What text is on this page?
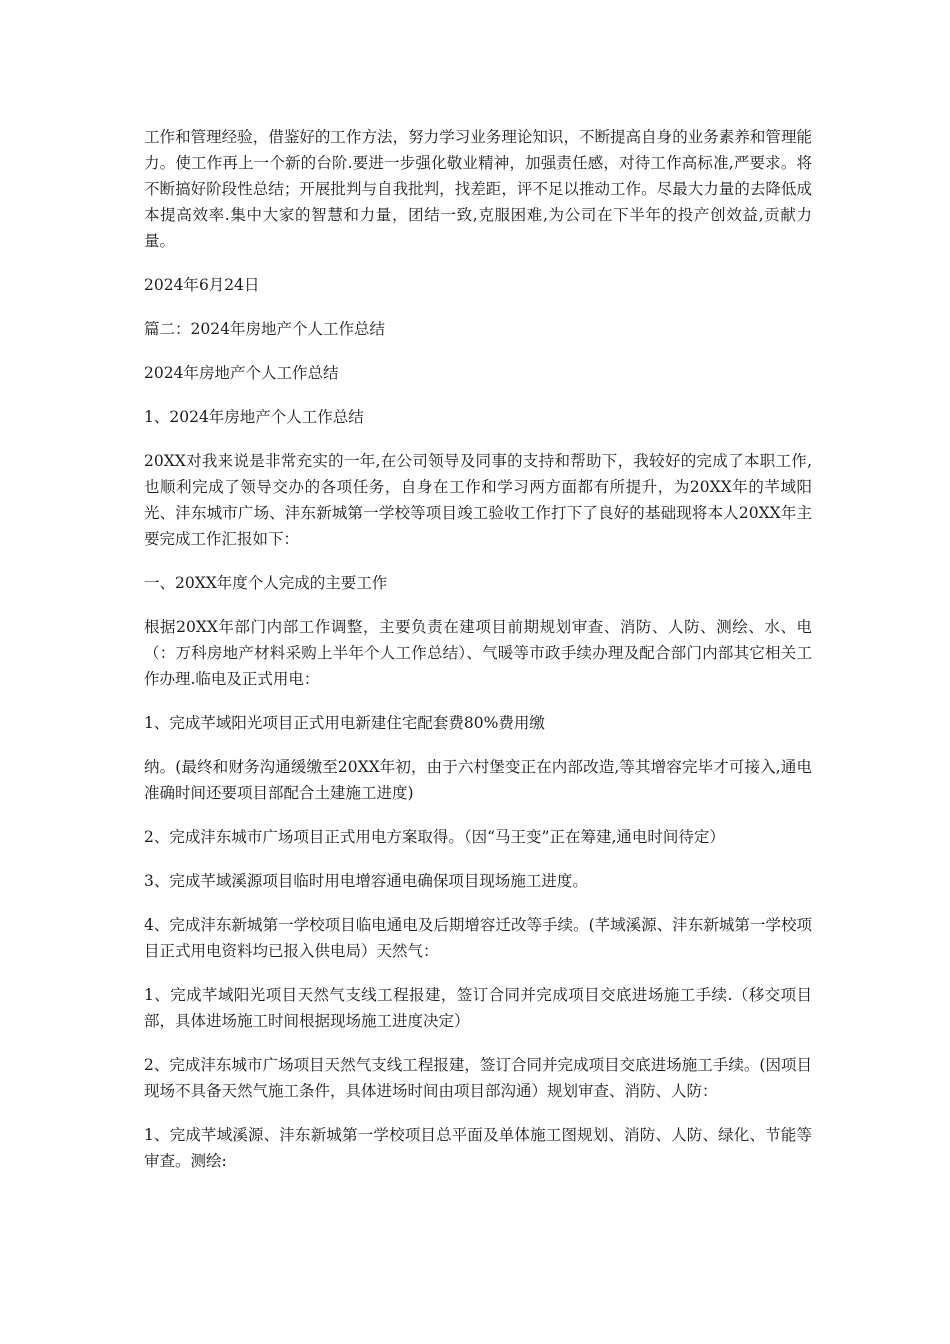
工作和管理经验，借鉴好的工作方法，努力学习业务理论知识，不断提高自身的业务素养和管理能力。使工作再上一个新的台阶.要进一步强化敬业精神，加强责任感，对待工作高标准,严要求。将不断搞好阶段性总结；开展批判与自我批判，找差距，评不足以推动工作。尽最大力量的去降低成本提高效率.集中大家的智慧和力量，团结一致,克服困难,为公司在下半年的投产创效益,贡献力量。

2024年6月24日

篇二：2024年房地产个人工作总结

2024年房地产个人工作总结

1、2024年房地产个人工作总结

20XX对我来说是非常充实的一年,在公司领导及同事的支持和帮助下，我较好的完成了本职工作,也顺利完成了领导交办的各项任务，自身在工作和学习两方面都有所提升，为20XX年的芊域阳光、沣东城市广场、沣东新城第一学校等项目竣工验收工作打下了良好的基础现将本人20XX年主要完成工作汇报如下：

一、20XX年度个人完成的主要工作

根据20XX年部门内部工作调整，主要负责在建项目前期规划审查、消防、人防、测绘、水、电（：万科房地产材料采购上半年个人工作总结）、气暖等市政手续办理及配合部门内部其它相关工作办理.临电及正式用电：

1、完成芊域阳光项目正式用电新建住宅配套费80%费用缴

纳。(最终和财务沟通缓缴至20XX年初，由于六村堡变正在内部改造,等其增容完毕才可接入,通电准确时间还要项目部配合土建施工进度)

2、完成沣东城市广场项目正式用电方案取得。（因“马王变”正在筹建,通电时间待定）

3、完成芊域溪源项目临时用电增容通电确保项目现场施工进度。

4、完成沣东新城第一学校项目临电通电及后期增容迁改等手续。(芊域溪源、沣东新城第一学校项目正式用电资料均已报入供电局）天然气：

1、完成芊域阳光项目天然气支线工程报建，签订合同并完成项目交底进场施工手续.（移交项目部，具体进场施工时间根据现场施工进度决定）

2、完成沣东城市广场项目天然气支线工程报建，签订合同并完成项目交底进场施工手续。(因项目现场不具备天然气施工条件，具体进场时间由项目部沟通）规划审查、消防、人防：

1、完成芊域溪源、沣东新城第一学校项目总平面及单体施工图规划、消防、人防、绿化、节能等审查。测绘:
